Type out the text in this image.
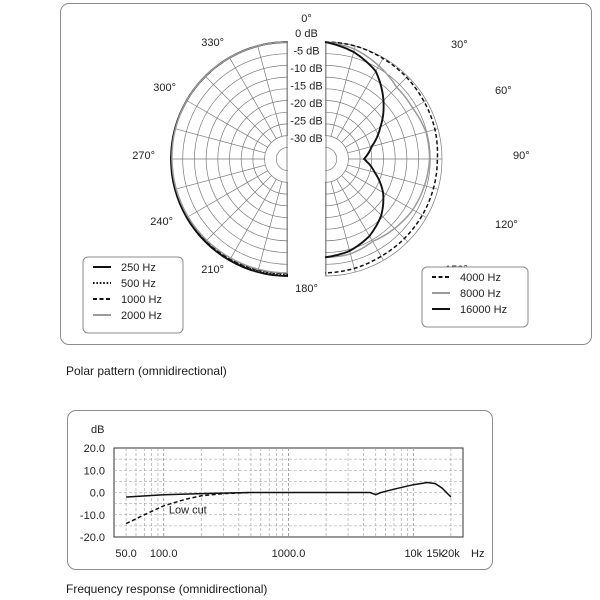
0 dB
-5 dB
-10 dB
-15 dB
-20 dB
-25 dB
-30 dB
0°
30°
60°
90°
120°
180°
210°
240°
270°
300°
330°
250 Hz
500 Hz
1000 Hz
2000 Hz
4000 Hz
8000 Hz
16000 Hz
Polar pattern (omnidirectional)
Low cut
dB
20.0
10.0
0.0
-10.0
-20.0
50.0 100.0	1000.0	10k 15k
20k Hz
Frequency response (omnidirectional)
